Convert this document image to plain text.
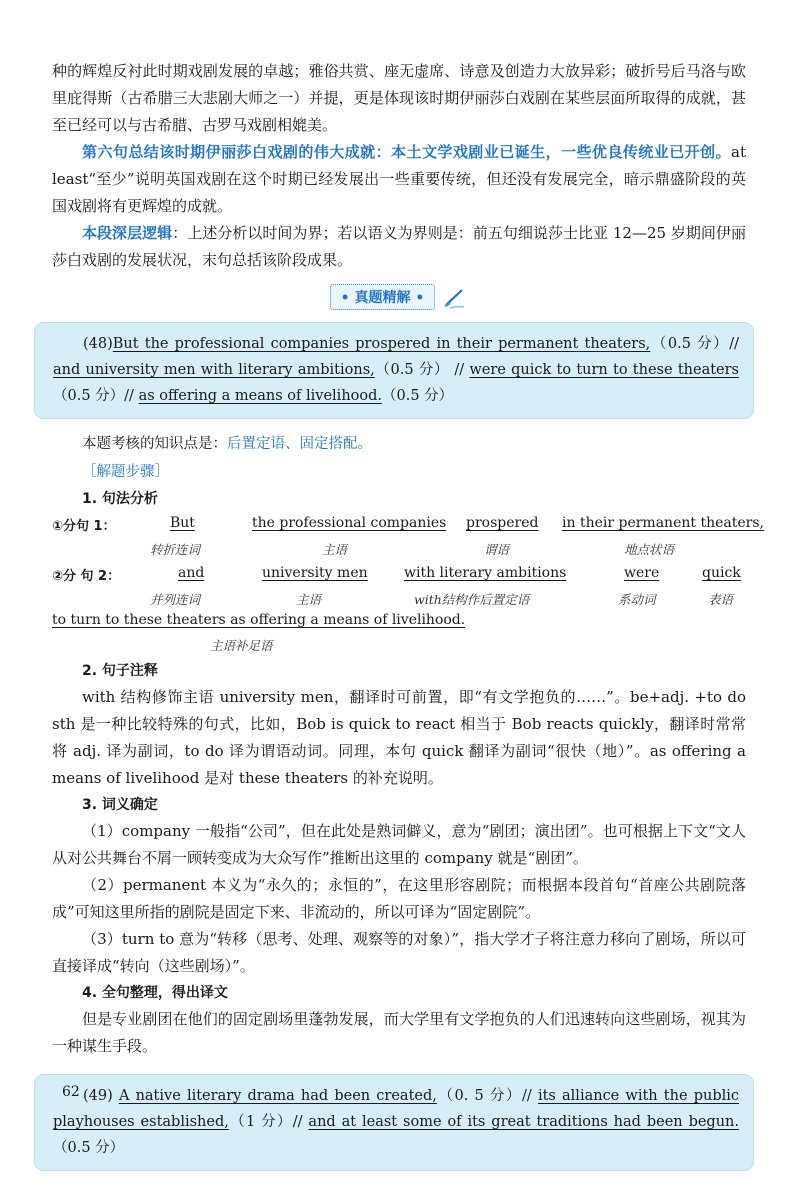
种的辉煌反衬此时期戏剧发展的卓越；雅俗共赏、座无虚席、诗意及创造力大放异彩；破折号后马洛与欧里庇得斯（古希腊三大悲剧大师之一）并提，更是体现该时期伊丽莎白戏剧在某些层面所取得的成就，甚至已经可以与古希腊、古罗马戏剧相媲美。

第六句总结该时期伊丽莎白戏剧的伟大成就：本土文学戏剧业已诞生，一些优良传统业已开创。at least“至少”说明英国戏剧在这个时期已经发展出一些重要传统，但还没有发展完全，暗示鼎盛阶段的英国戏剧将有更辉煌的成就。

本段深层逻辑：上述分析以时间为界；若以语义为界则是：前五句细说莎士比亚 12—25 岁期间伊丽莎白戏剧的发展状况，末句总括该阶段成果。

• 真题精解 •

(48)But the professional companies prospered in their permanent theaters,（0.5 分）// and university men with literary ambitions,（0.5 分） // were quick to turn to these theaters（0.5 分）// as offering a means of livelihood.（0.5 分）

本题考核的知识点是：后置定语、固定搭配。

［解题步骤］

1. 句法分析

①分句 1：	But
转折连词
the professional companies
主语
prospered
谓语
in their permanent theaters,
地点状语
②分 句 2：	and
并列连词
university men
主语
with literary ambitions
with结构作后置定语
were
系动词
quick
表语
to turn to these theaters as offering a means of livelihood.
主语补足语

2. 句子注释

with 结构修饰主语 university men，翻译时可前置，即“有文学抱负的……”。be+adj. +to do sth 是一种比较特殊的句式，比如，Bob is quick to react 相当于 Bob reacts quickly，翻译时常常将 adj. 译为副词，to do 译为谓语动词。同理，本句 quick 翻译为副词“很快（地）”。as offering a means of livelihood 是对 these theaters 的补充说明。

3. 词义确定

（1）company 一般指“公司”，但在此处是熟词僻义，意为“剧团；演出团”。也可根据上下文“文人从对公共舞台不屑一顾转变成为大众写作”推断出这里的 company 就是“剧团”。

（2）permanent 本义为“永久的；永恒的”，在这里形容剧院；而根据本段首句“首座公共剧院落成”可知这里所指的剧院是固定下来、非流动的，所以可译为“固定剧院”。

（3）turn to 意为“转移（思考、处理、观察等的对象）”，指大学才子将注意力移向了剧场，所以可直接译成“转向（这些剧场）”。

4. 全句整理，得出译文

但是专业剧团在他们的固定剧场里蓬勃发展，而大学里有文学抱负的人们迅速转向这些剧场，视其为一种谋生手段。

(49) A native literary drama had been created,（0. 5 分）// its alliance with the public playhouses established,（1 分）// and at least some of its great traditions had been begun.（0.5 分）

62
